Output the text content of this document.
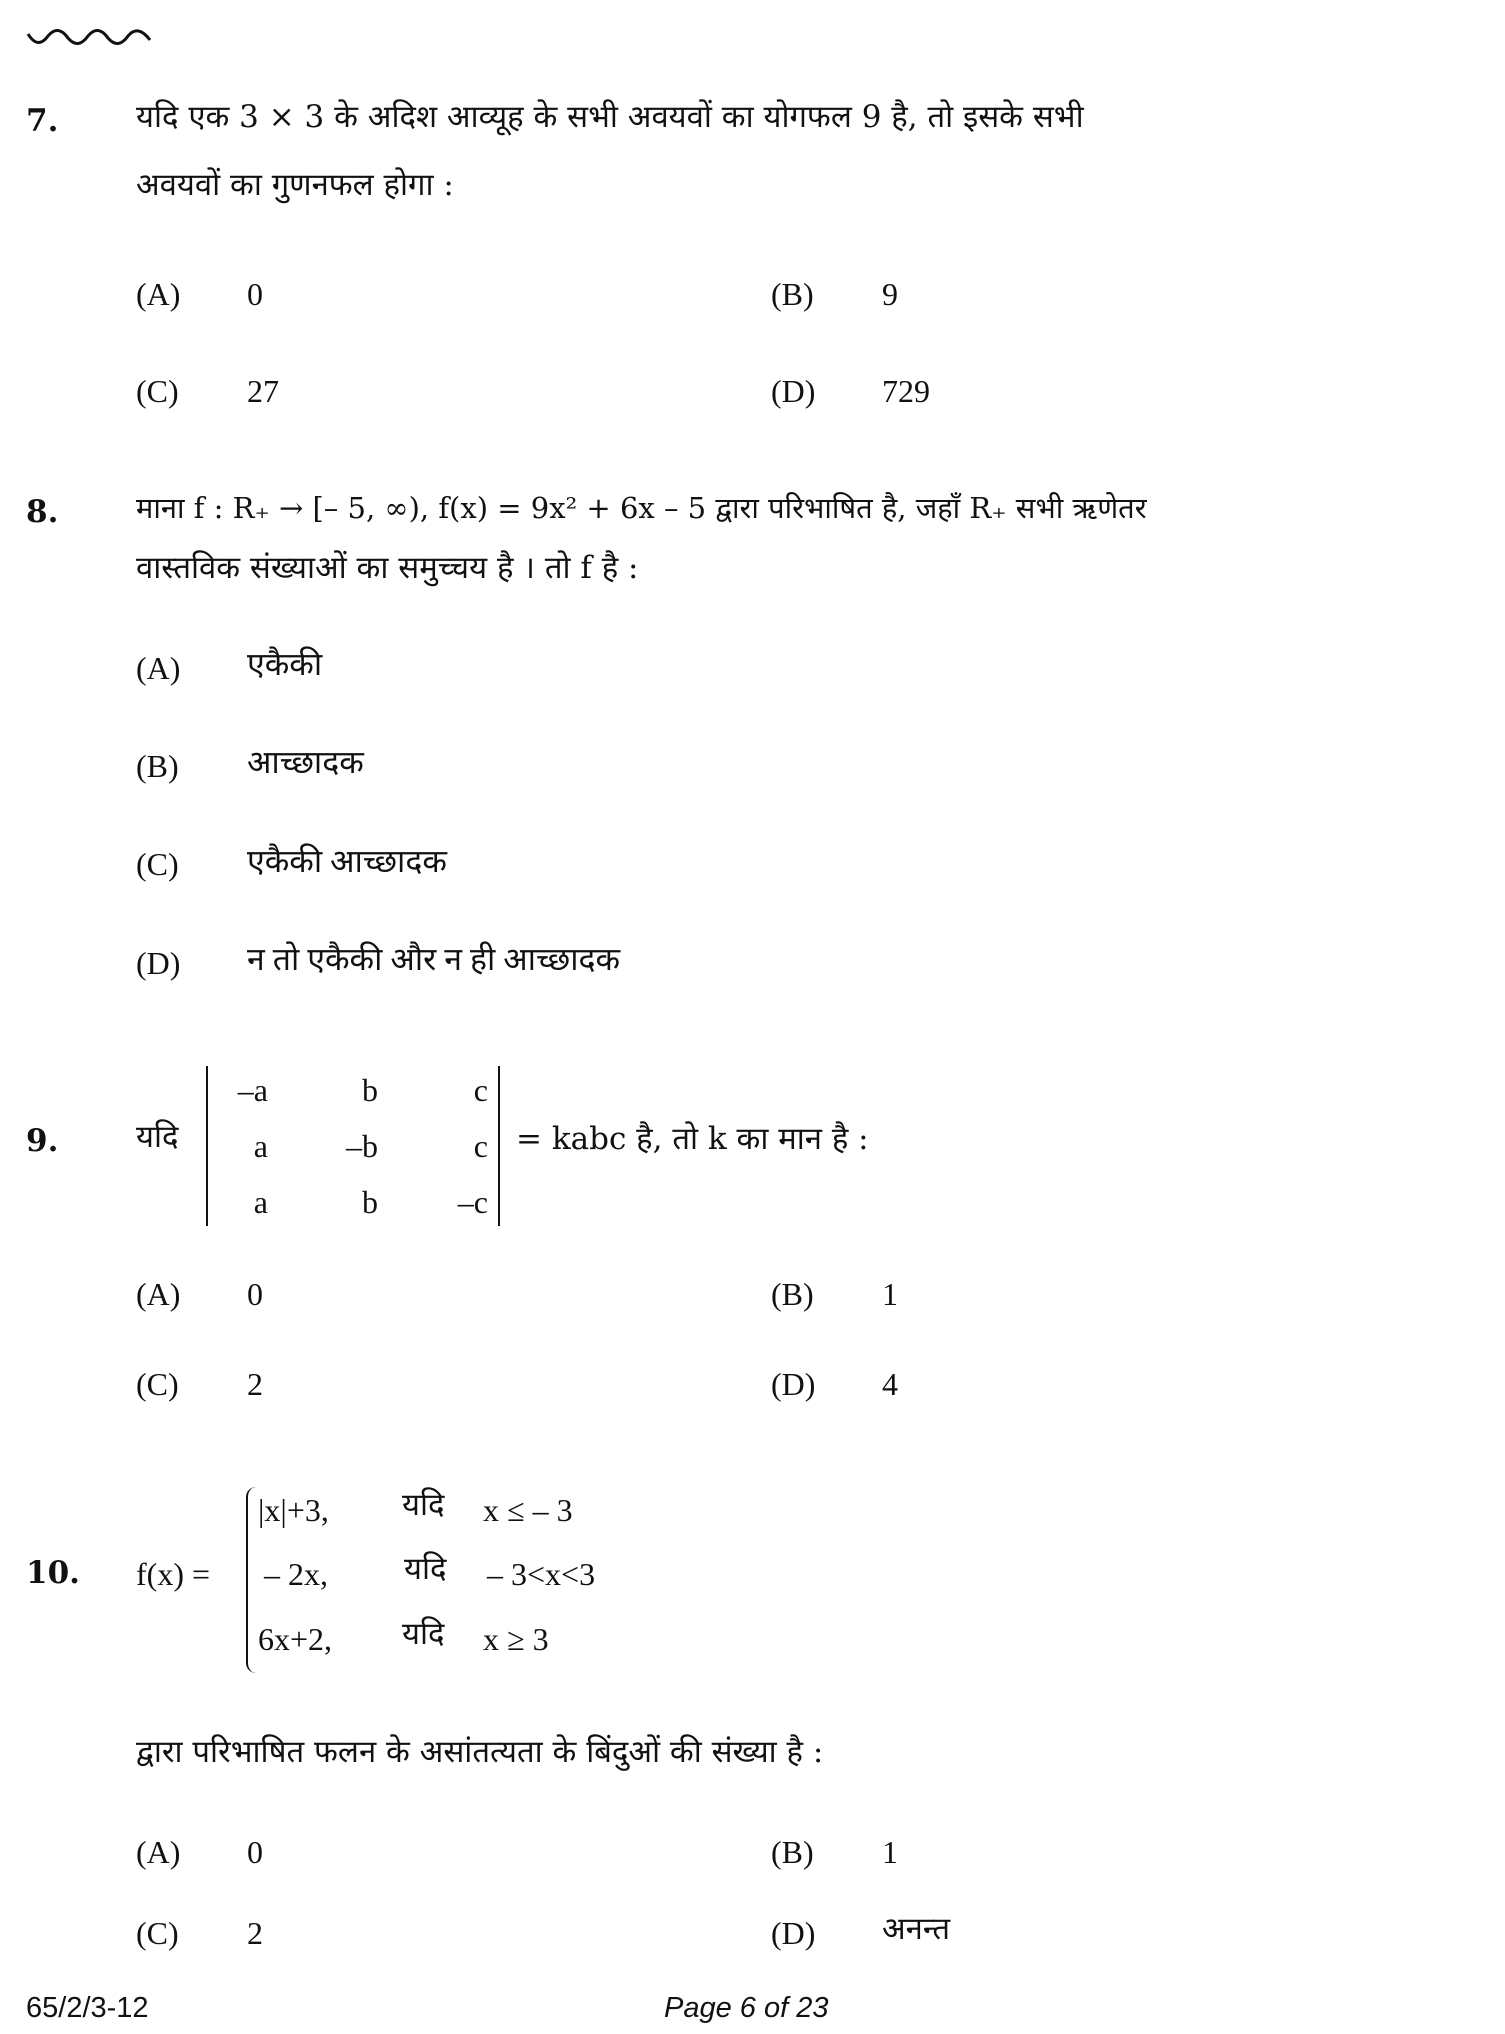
7.	यदि एक 3 × 3 के अदिश आव्यूह के सभी अवयवों का योगफल 9 है, तो इसके सभी
अवयवों का गुणनफल होगा :
(A) 0	(B) 9
(C) 27	(D) 729
8.	माना f : R₊ → [– 5, ∞), f(x) = 9x² + 6x – 5 द्वारा परिभाषित है, जहाँ R₊ सभी ऋणेतर
वास्तविक संख्याओं का समुच्चय है । तो f है :
(A) एकैकी
(B) आच्छादक
(C) एकैकी आच्छादक
(D) न तो एकैकी और न ही आच्छादक
9.	यदि
–a	b	c
a	–b	c
a	b	–c
= kabc है, तो k का मान है :
(A) 0	(B) 1
(C) 2	(D) 4
10. f(x) =
|x|+3, यदि x ≤ – 3
– 2x, यदि – 3<x<3
6x+2, यदि x ≥ 3
द्वारा परिभाषित फलन के असांतत्यता के बिंदुओं की संख्या है :
(A) 0	(B) 1
(C) 2	(D) अनन्त
65/2/3-12	Page 6 of 23
